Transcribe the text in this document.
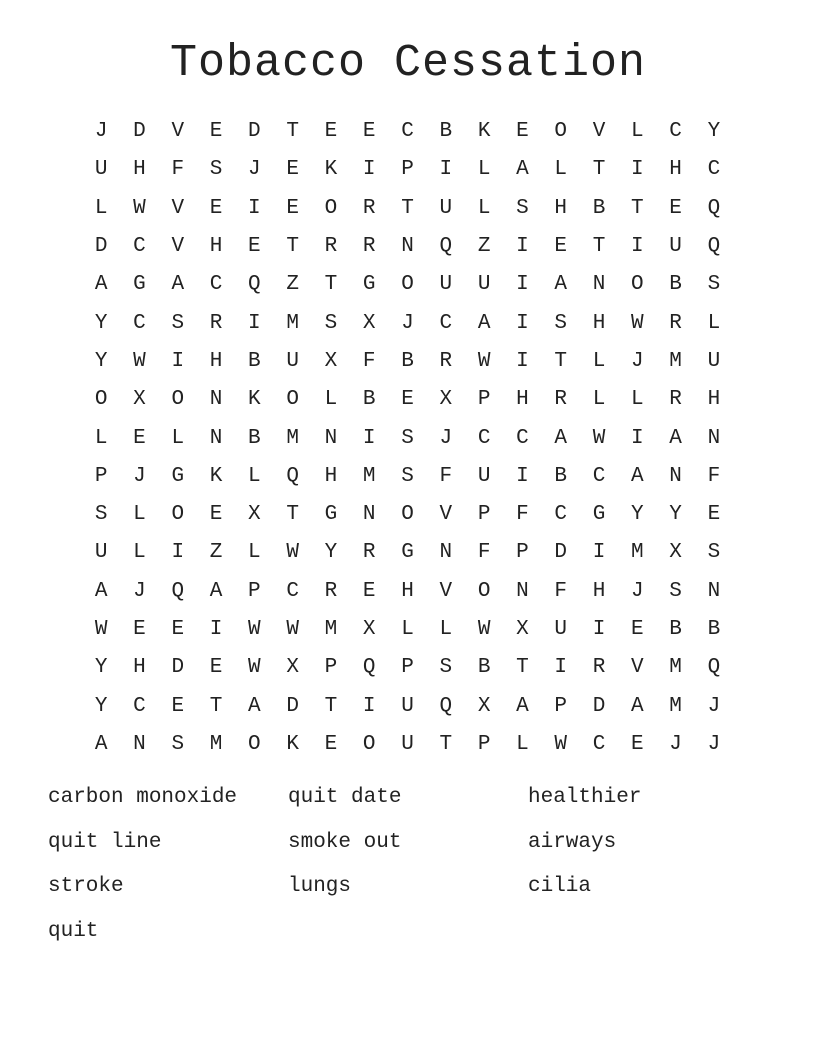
Tobacco Cessation
J	D	V	E	D	T	E	E	C	B	K	E	O	V	L	C	Y
U	H	F	S	J	E	K	I	P	I	L	A	L	T	I	H	C
L	W	V	E	I	E	O	R	T	U	L	S	H	B	T	E	Q
D	C	V	H	E	T	R	R	N	Q	Z	I	E	T	I	U	Q
A	G	A	C	Q	Z	T	G	O	U	U	I	A	N	O	B	S
Y	C	S	R	I	M	S	X	J	C	A	I	S	H	W	R	L
Y	W	I	H	B	U	X	F	B	R	W	I	T	L	J	M	U
O	X	O	N	K	O	L	B	E	X	P	H	R	L	L	R	H
L	E	L	N	B	M	N	I	S	J	C	C	A	W	I	A	N
P	J	G	K	L	Q	H	M	S	F	U	I	B	C	A	N	F
S	L	O	E	X	T	G	N	O	V	P	F	C	G	Y	Y	E
U	L	I	Z	L	W	Y	R	G	N	F	P	D	I	M	X	S
A	J	Q	A	P	C	R	E	H	V	O	N	F	H	J	S	N
W	E	E	I	W	W	M	X	L	L	W	X	U	I	E	B	B
Y	H	D	E	W	X	P	Q	P	S	B	T	I	R	V	M	Q
Y	C	E	T	A	D	T	I	U	Q	X	A	P	D	A	M	J
A	N	S	M	O	K	E	O	U	T	P	L	W	C	E	J	J
carbon monoxide	quit date	healthier
quit line	smoke out	airways
stroke	lungs	cilia
quit
